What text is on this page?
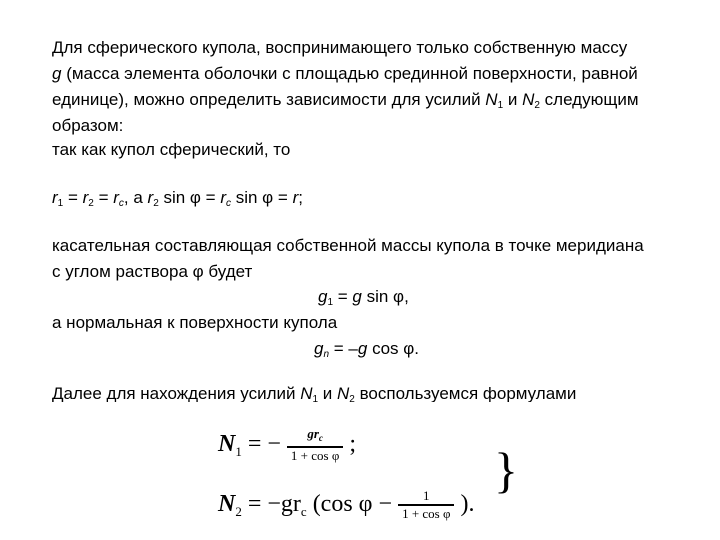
Для сферического купола, воспринимающего только собственную массу
g (масса элемента оболочки с площадью срединной поверхности, равной
единице), можно определить зависимости для усилий $N_1$ и $N_2$ следующим
образом:
так как купол сферический, то
$r_1 = r_2$ = rc, а $r_2$ sin φ = rc sin φ = r;
касательная составляющая собственной массы купола в точке меридиана
с углом раствора φ будет
$g_1 = g$ sin φ,
а нормальная к поверхности купола
gn = –g cos φ.
Далее для нахождения усилий $N_1$ и $N_2$ воспользуемся формулами
$N_1$ = − $\frac{gr_c}{\text{1 + cos φ}}$ ;	}
$N_2 = -gr_c$ (cos $\varphi - \frac{1}{\text{1 + cos φ}}$ ).
